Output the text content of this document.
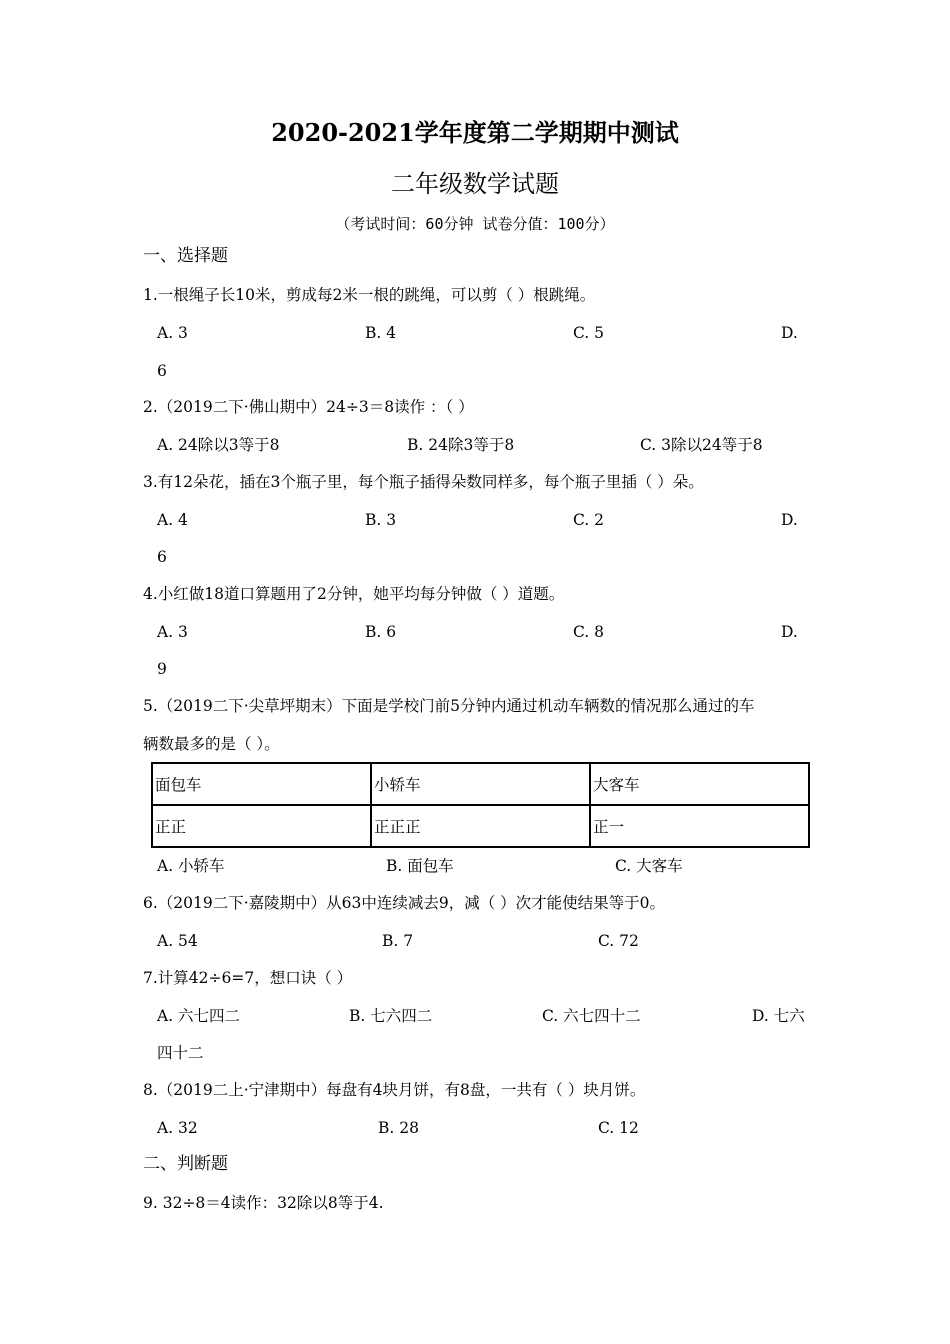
2020-2021学年度第二学期期中测试
二年级数学试题
（考试时间：60分钟 试卷分值：100分）
一、选择题
1.一根绳子长10米，剪成每2米一根的跳绳，可以剪（ ）根跳绳。
A. 3	B. 4	C. 5	D.
6
2.（2019二下·佛山期中）24÷3＝8读作 ：（ ）
A. 24除以3等于8	B. 24除3等于8	C. 3除以24等于8
3.有12朵花，插在3个瓶子里，每个瓶子插得朵数同样多，每个瓶子里插（ ）朵。
A. 4	B. 3	C. 2	D.
6
4.小红做18道口算题用了2分钟，她平均每分钟做（ ）道题。
A. 3	B. 6	C. 8	D.
9
5.（2019二下·尖草坪期末）下面是学校门前5分钟内通过机动车辆数的情况那么通过的车
辆数最多的是（ ）。
面包车	小轿车	大客车
正正	正正正	正一
A. 小轿车	B. 面包车	C. 大客车
6.（2019二下·嘉陵期中）从63中连续减去9，减（ ）次才能使结果等于0。
A. 54	B. 7	C. 72
7.计算42÷6=7，想口诀（ ）
A. 六七四二	B. 七六四二	C. 六七四十二	D. 七六
四十二
8.（2019二上·宁津期中）每盘有4块月饼，有8盘，一共有（ ）块月饼。
A. 32	B. 28	C. 12
二、判断题
9. 32÷8＝4读作：32除以8等于4.
